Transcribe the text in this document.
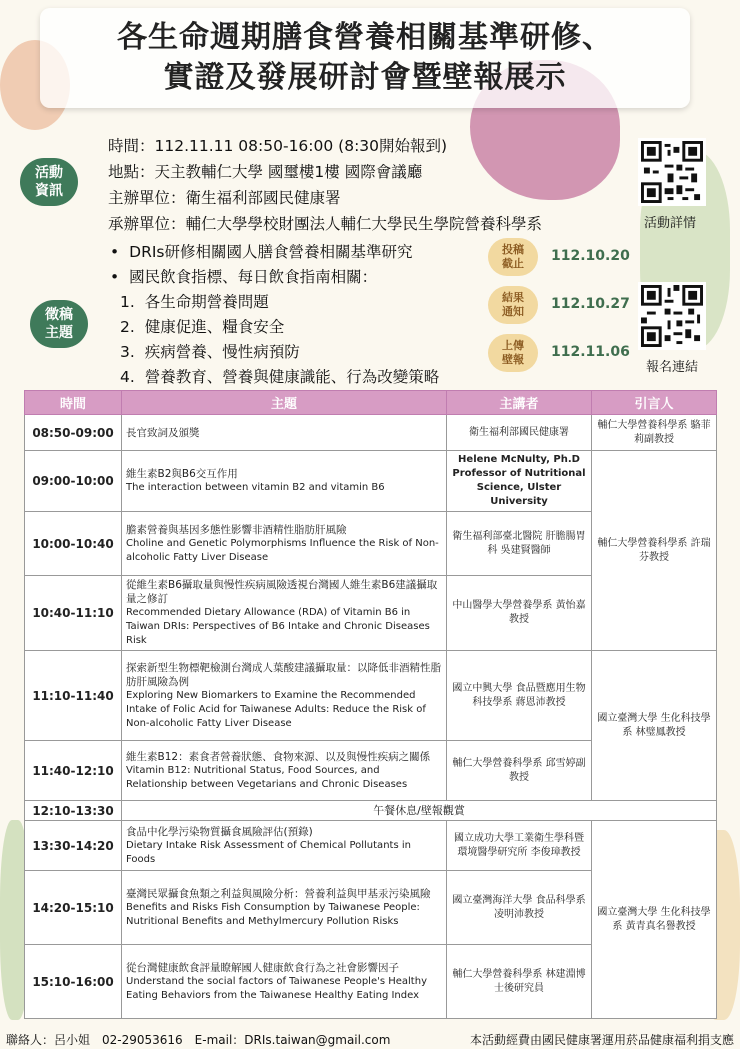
各生命週期膳食營養相關基準研修、
實證及發展研討會暨壁報展示
活動
資訊
時間：112.11.11 08:50-16:00 (8:30開始報到)
地點：天主教輔仁大學 國璽樓1樓 國際會議廳
主辦單位：衛生福利部國民健康署
承辦單位：輔仁大學學校財團法人輔仁大學民生學院營養科學系	活動詳情
徵稿
主題
• DRIs研修相關國人膳食營養相關基準研究
• 國民飲食指標、每日飲食指南相關：
1. 各生命期營養問題
2. 健康促進、糧食安全
3. 疾病營養、慢性病預防
4. 營養教育、營養與健康識能、行為改變策略
投稿
截止 112.10.20
結果
通知 112.10.27
上傳
壁報 112.11.06
報名連結
時間	主題	主講者	引言人
08:50-09:00	長官致詞及頒獎	衛生福利部國民健康署	輔仁大學營養科學系 駱菲莉副教授
09:00-10:00	維生素B2與B6交互作用
The interaction between vitamin B2 and vitamin B6	Helene McNulty, Ph.D Professor of Nutritional Science, Ulster University	輔仁大學營養科學系 許瑞芬教授
10:00-10:40	膽素營養與基因多態性影響非酒精性脂肪肝風險
Choline and Genetic Polymorphisms Influence the Risk of Non-alcoholic Fatty Liver Disease	衛生福利部臺北醫院 肝膽腸胃科 吳建賢醫師	
10:40-11:10	從維生素B6攝取量與慢性疾病風險透視台灣國人維生素B6建議攝取量之修訂
Recommended Dietary Allowance (RDA) of Vitamin B6 in Taiwan DRIs: Perspectives of B6 Intake and Chronic Diseases Risk	中山醫學大學營養學系 黃怡嘉教授	
11:10-11:40	探索新型生物標靶檢測台灣成人葉酸建議攝取量：以降低非酒精性脂肪肝風險為例
Exploring New Biomarkers to Examine the Recommended Intake of Folic Acid for Taiwanese Adults: Reduce the Risk of Non-alcoholic Fatty Liver Disease	國立中興大學 食品暨應用生物科技學系 蔣恩沛教授	國立臺灣大學 生化科技學系 林璧鳳教授
11:40-12:10	維生素B12：素食者營養狀態、食物來源、以及與慢性疾病之關係
Vitamin B12: Nutritional Status, Food Sources, and Relationship between Vegetarians and Chronic Diseases	輔仁大學營養科學系 邱雪婷副教授	
12:10-13:30	午餐休息/壁報觀賞		
13:30-14:20	食品中化學污染物質攝食風險評估(預錄)
Dietary Intake Risk Assessment of Chemical Pollutants in Foods	國立成功大學工業衛生學科暨環境醫學研究所 李俊璋教授	國立臺灣大學 生化科技學系 黃青真名譽教授
14:20-15:10	臺灣民眾攝食魚類之利益與風險分析：營養利益與甲基汞污染風險
Benefits and Risks Fish Consumption by Taiwanese People: Nutritional Benefits and Methylmercury Pollution Risks	國立臺灣海洋大學 食品科學系 凌明沛教授	
15:10-16:00	從台灣健康飲食評量瞭解國人健康飲食行為之社會影響因子
Understand the social factors of Taiwanese People's Healthy Eating Behaviors from the Taiwanese Healthy Eating Index	輔仁大學營養科學系 林建淵博士後研究員	
聯絡人：呂小姐　02-29053616　E-mail：DRIs.taiwan@gmail.com	本活動經費由國民健康署運用菸品健康福利捐支應
